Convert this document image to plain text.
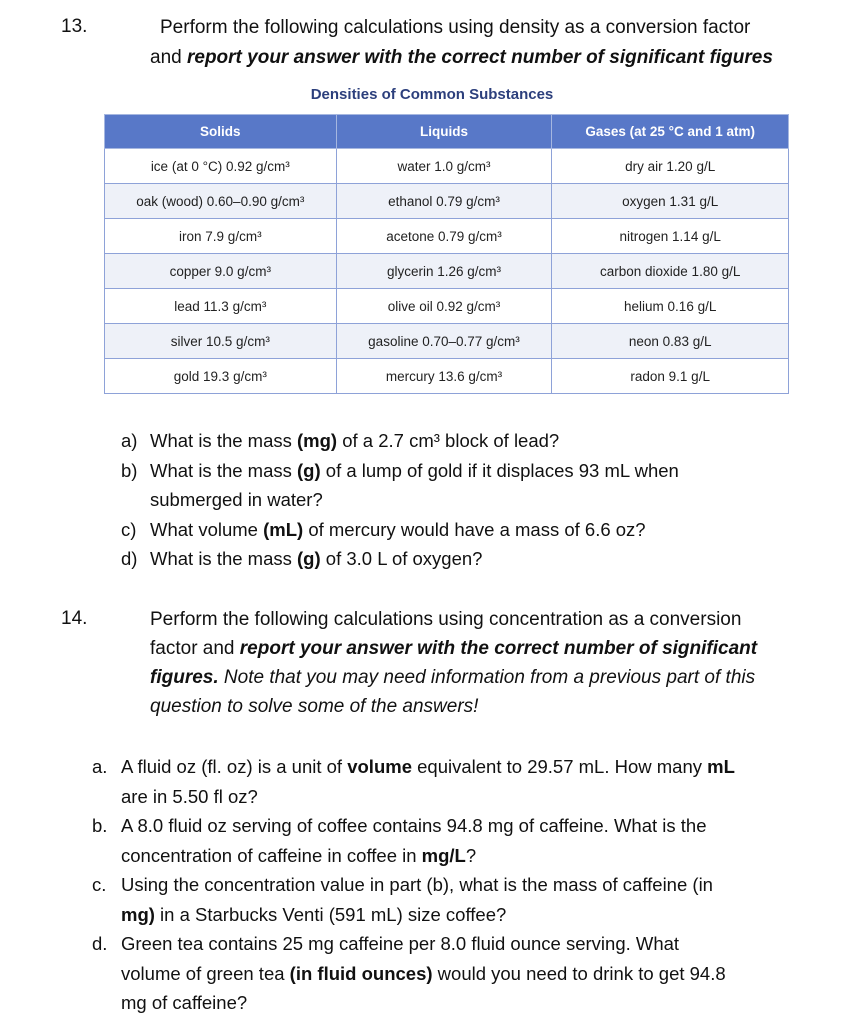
13.	Perform the following calculations using density as a conversion factor
and report your answer with the correct number of significant figures
Densities of Common Substances
Solids	Liquids	Gases (at 25 °C and 1 atm)
ice (at 0 °C) 0.92 g/cm³	water 1.0 g/cm³	dry air 1.20 g/L
oak (wood) 0.60–0.90 g/cm³	ethanol 0.79 g/cm³	oxygen 1.31 g/L
iron 7.9 g/cm³	acetone 0.79 g/cm³	nitrogen 1.14 g/L
copper 9.0 g/cm³	glycerin 1.26 g/cm³	carbon dioxide 1.80 g/L
lead 11.3 g/cm³	olive oil 0.92 g/cm³	helium 0.16 g/L
silver 10.5 g/cm³	gasoline 0.70–0.77 g/cm³	neon 0.83 g/L
gold 19.3 g/cm³	mercury 13.6 g/cm³	radon 9.1 g/L
a) What is the mass (mg) of a 2.7 cm³ block of lead?
b) What is the mass (g) of a lump of gold if it displaces 93 mL when
submerged in water?
c) What volume (mL) of mercury would have a mass of 6.6 oz?
d) What is the mass (g) of 3.0 L of oxygen?
14.	Perform the following calculations using concentration as a conversion
factor and report your answer with the correct number of significant
figures. Note that you may need information from a previous part of this
question to solve some of the answers!
a. A fluid oz (fl. oz) is a unit of volume equivalent to 29.57 mL. How many mL
are in 5.50 fl oz?
b. A 8.0 fluid oz serving of coffee contains 94.8 mg of caffeine. What is the
concentration of caffeine in coffee in mg/L?
c. Using the concentration value in part (b), what is the mass of caffeine (in
mg) in a Starbucks Venti (591 mL) size coffee?
d. Green tea contains 25 mg caffeine per 8.0 fluid ounce serving. What
volume of green tea (in fluid ounces) would you need to drink to get 94.8
mg of caffeine?
